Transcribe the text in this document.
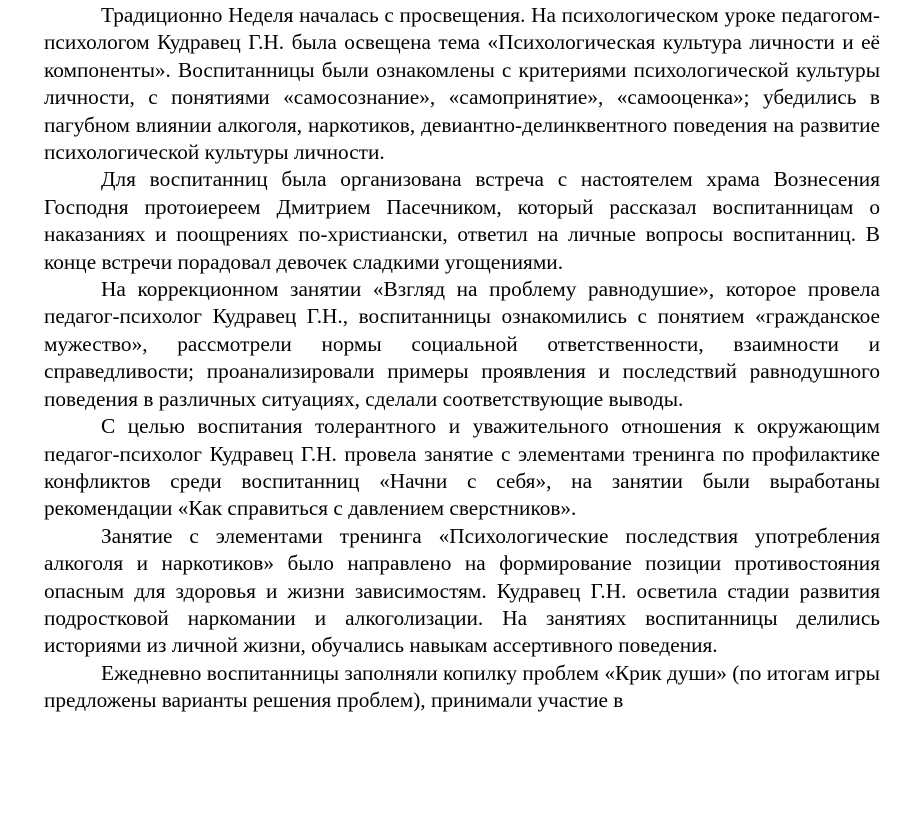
Традиционно Неделя началась с просвещения. На психологическом уроке педагогом-психологом Кудравец Г.Н. была освещена тема «Психологическая культура личности и её компоненты». Воспитанницы были ознакомлены с критериями психологической культуры личности, с понятиями «самосознание», «самопринятие», «самооценка»; убедились в пагубном влиянии алкоголя, наркотиков, девиантно-делинквентного поведения на развитие психологической культуры личности.

Для воспитанниц была организована встреча с настоятелем храма Вознесения Господня протоиереем Дмитрием Пасечником, который рассказал воспитанницам о наказаниях и поощрениях по-христиански, ответил на личные вопросы воспитанниц. В конце встречи порадовал девочек сладкими угощениями.

На коррекционном занятии «Взгляд на проблему равнодушие», которое провела педагог-психолог Кудравец Г.Н., воспитанницы ознакомились с понятием «гражданское мужество», рассмотрели нормы социальной ответственности, взаимности и справедливости; проанализировали примеры проявления и последствий равнодушного поведения в различных ситуациях, сделали соответствующие выводы.

С целью воспитания толерантного и уважительного отношения к окружающим педагог-психолог Кудравец Г.Н. провела занятие с элементами тренинга по профилактике конфликтов среди воспитанниц «Начни с себя», на занятии были выработаны рекомендации «Как справиться с давлением сверстников».

Занятие с элементами тренинга «Психологические последствия употребления алкоголя и наркотиков» было направлено на формирование позиции противостояния опасным для здоровья и жизни зависимостям. Кудравец Г.Н. осветила стадии развития подростковой наркомании и алкоголизации. На занятиях воспитанницы делились историями из личной жизни, обучались навыкам ассертивного поведения.

Ежедневно воспитанницы заполняли копилку проблем «Крик души» (по итогам игры предложены варианты решения проблем), принимали участие в
